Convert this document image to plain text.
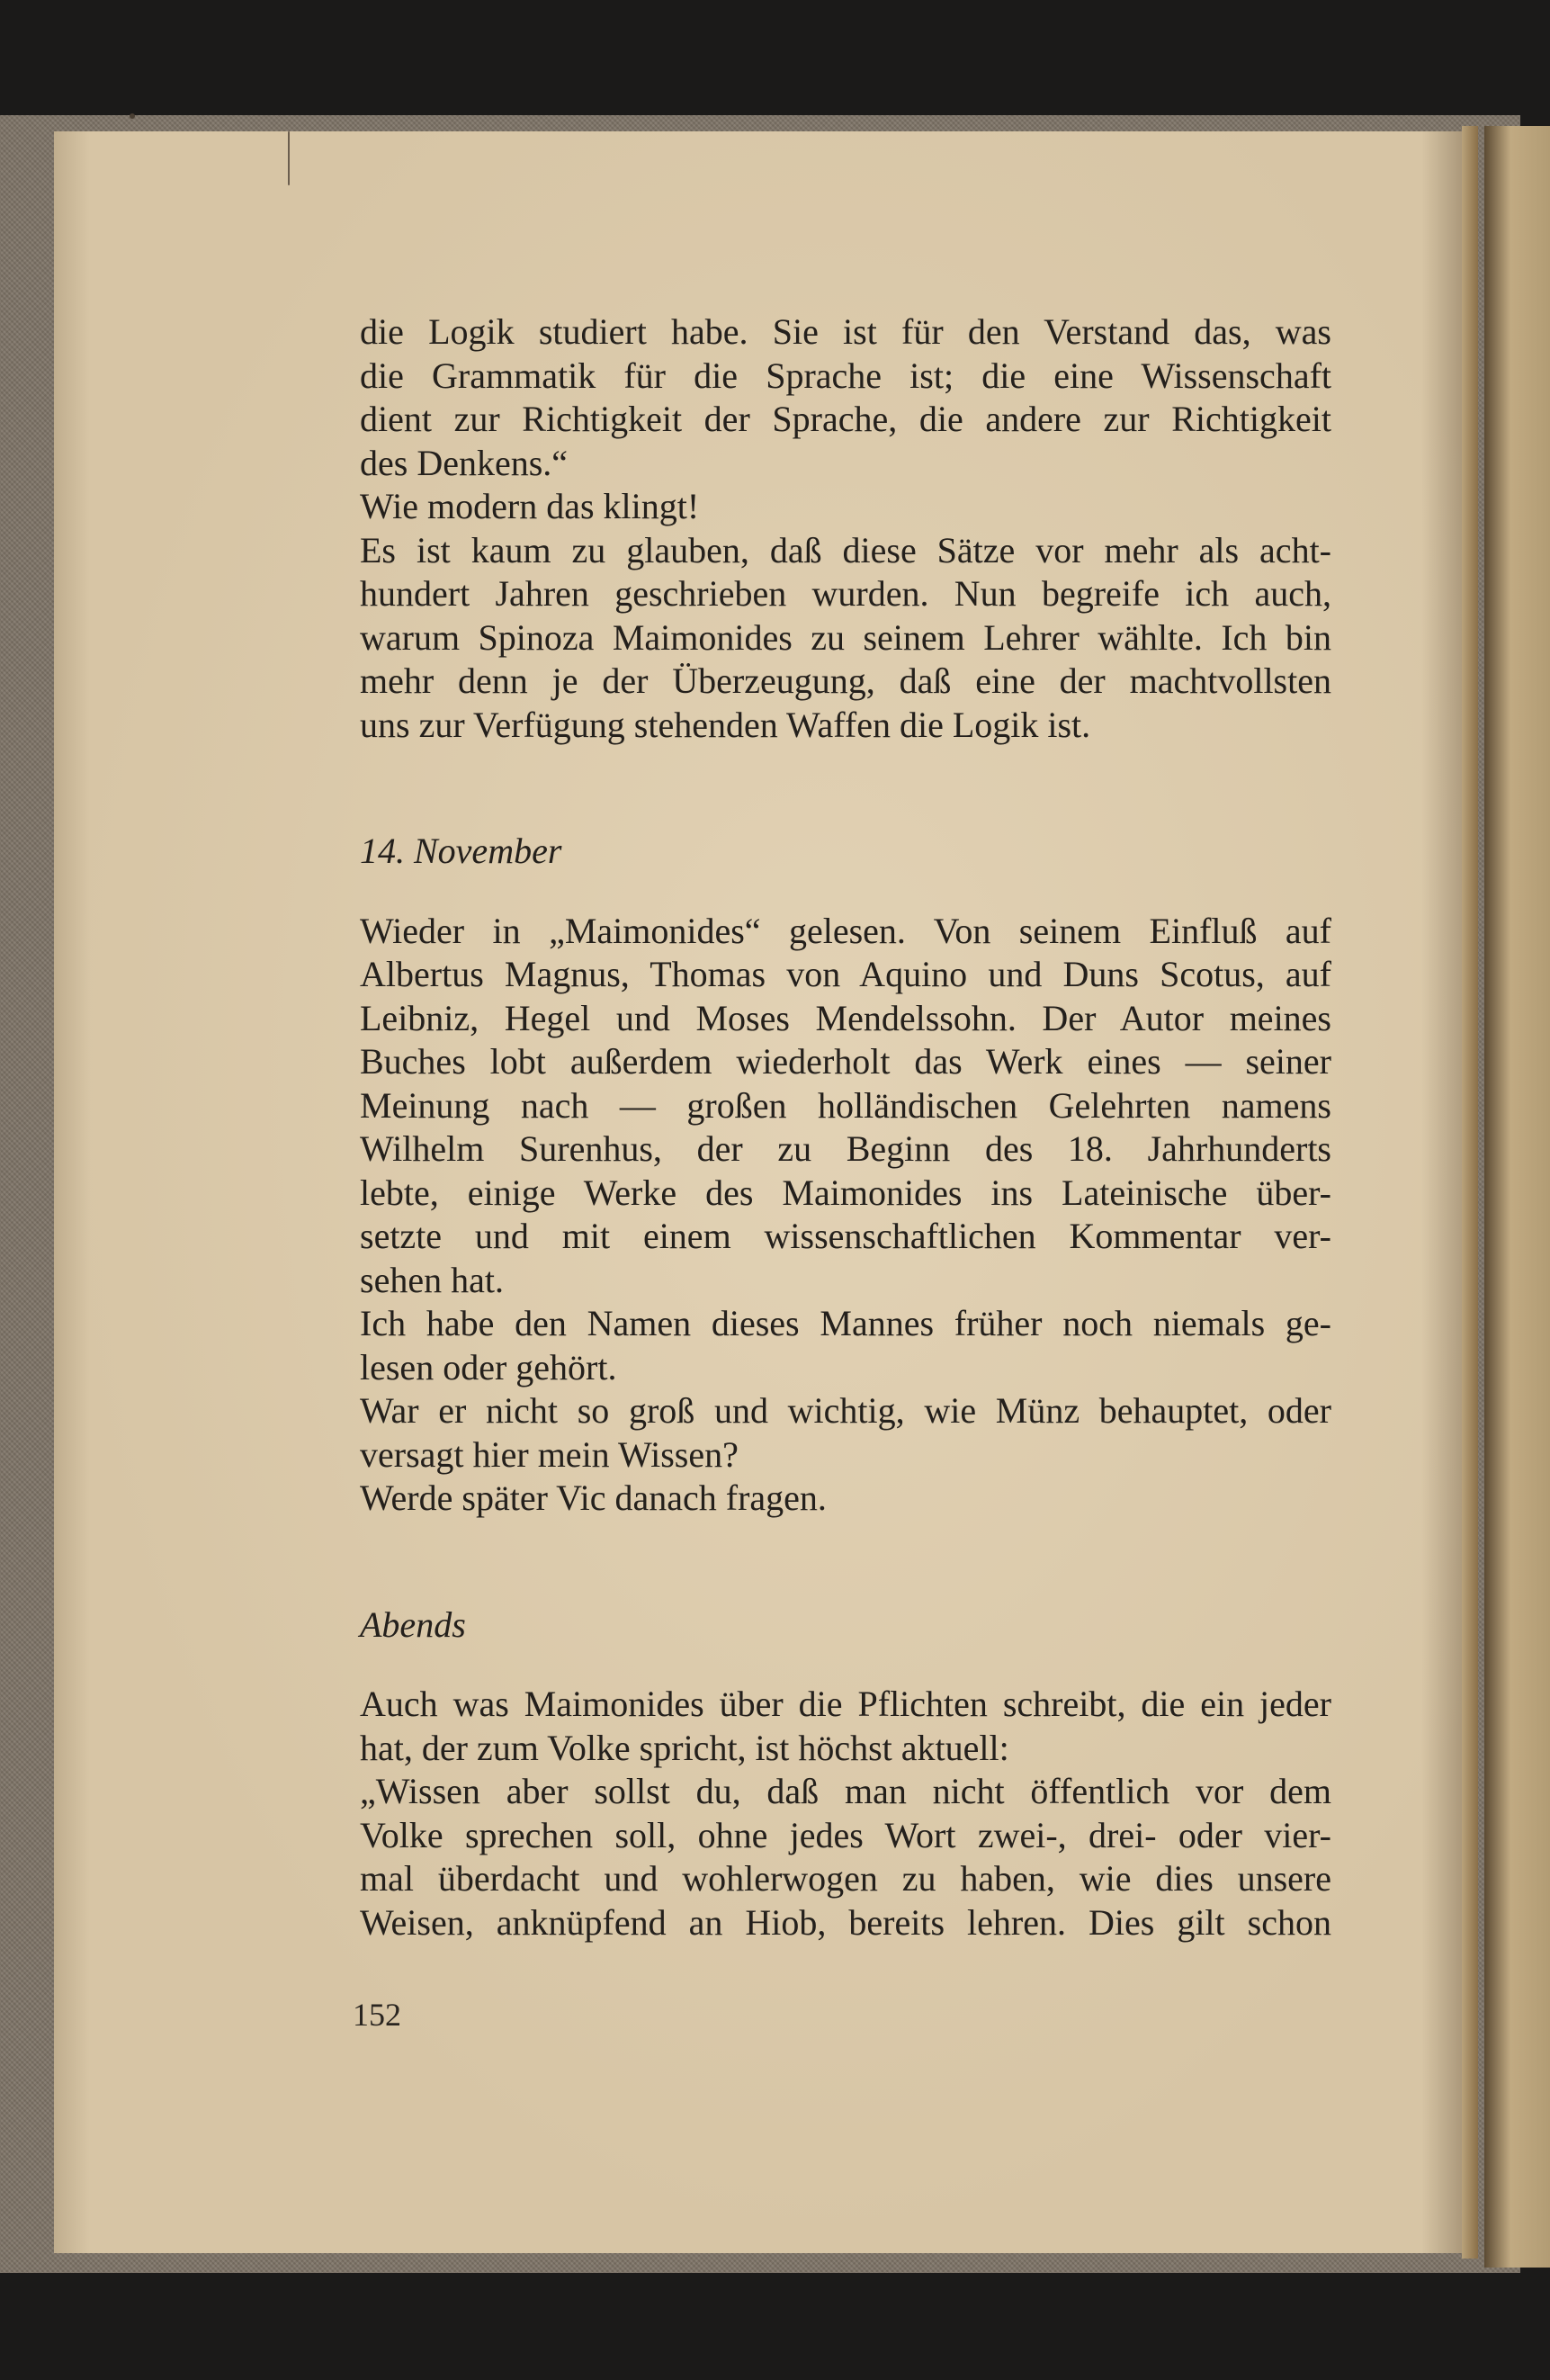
die Logik studiert habe. Sie ist für den Verstand das, was
die Grammatik für die Sprache ist; die eine Wissenschaft
dient zur Richtigkeit der Sprache, die andere zur Richtigkeit
des Denkens.“
Wie modern das klingt!
Es ist kaum zu glauben, daß diese Sätze vor mehr als acht-
hundert Jahren geschrieben wurden. Nun begreife ich auch,
warum Spinoza Maimonides zu seinem Lehrer wählte. Ich bin
mehr denn je der Überzeugung, daß eine der machtvollsten
uns zur Verfügung stehenden Waffen die Logik ist.
14. November
Wieder in „Maimonides“ gelesen. Von seinem Einfluß auf
Albertus Magnus, Thomas von Aquino und Duns Scotus, auf
Leibniz, Hegel und Moses Mendelssohn. Der Autor meines
Buches lobt außerdem wiederholt das Werk eines — seiner
Meinung nach — großen holländischen Gelehrten namens
Wilhelm Surenhus, der zu Beginn des 18. Jahrhunderts
lebte, einige Werke des Maimonides ins Lateinische über-
setzte und mit einem wissenschaftlichen Kommentar ver-
sehen hat.
Ich habe den Namen dieses Mannes früher noch niemals ge-
lesen oder gehört.
War er nicht so groß und wichtig, wie Münz behauptet, oder
versagt hier mein Wissen?
Werde später Vic danach fragen.
Abends
Auch was Maimonides über die Pflichten schreibt, die ein jeder
hat, der zum Volke spricht, ist höchst aktuell:
„Wissen aber sollst du, daß man nicht öffentlich vor dem
Volke sprechen soll, ohne jedes Wort zwei-, drei- oder vier-
mal überdacht und wohlerwogen zu haben, wie dies unsere
Weisen, anknüpfend an Hiob, bereits lehren. Dies gilt schon
152
